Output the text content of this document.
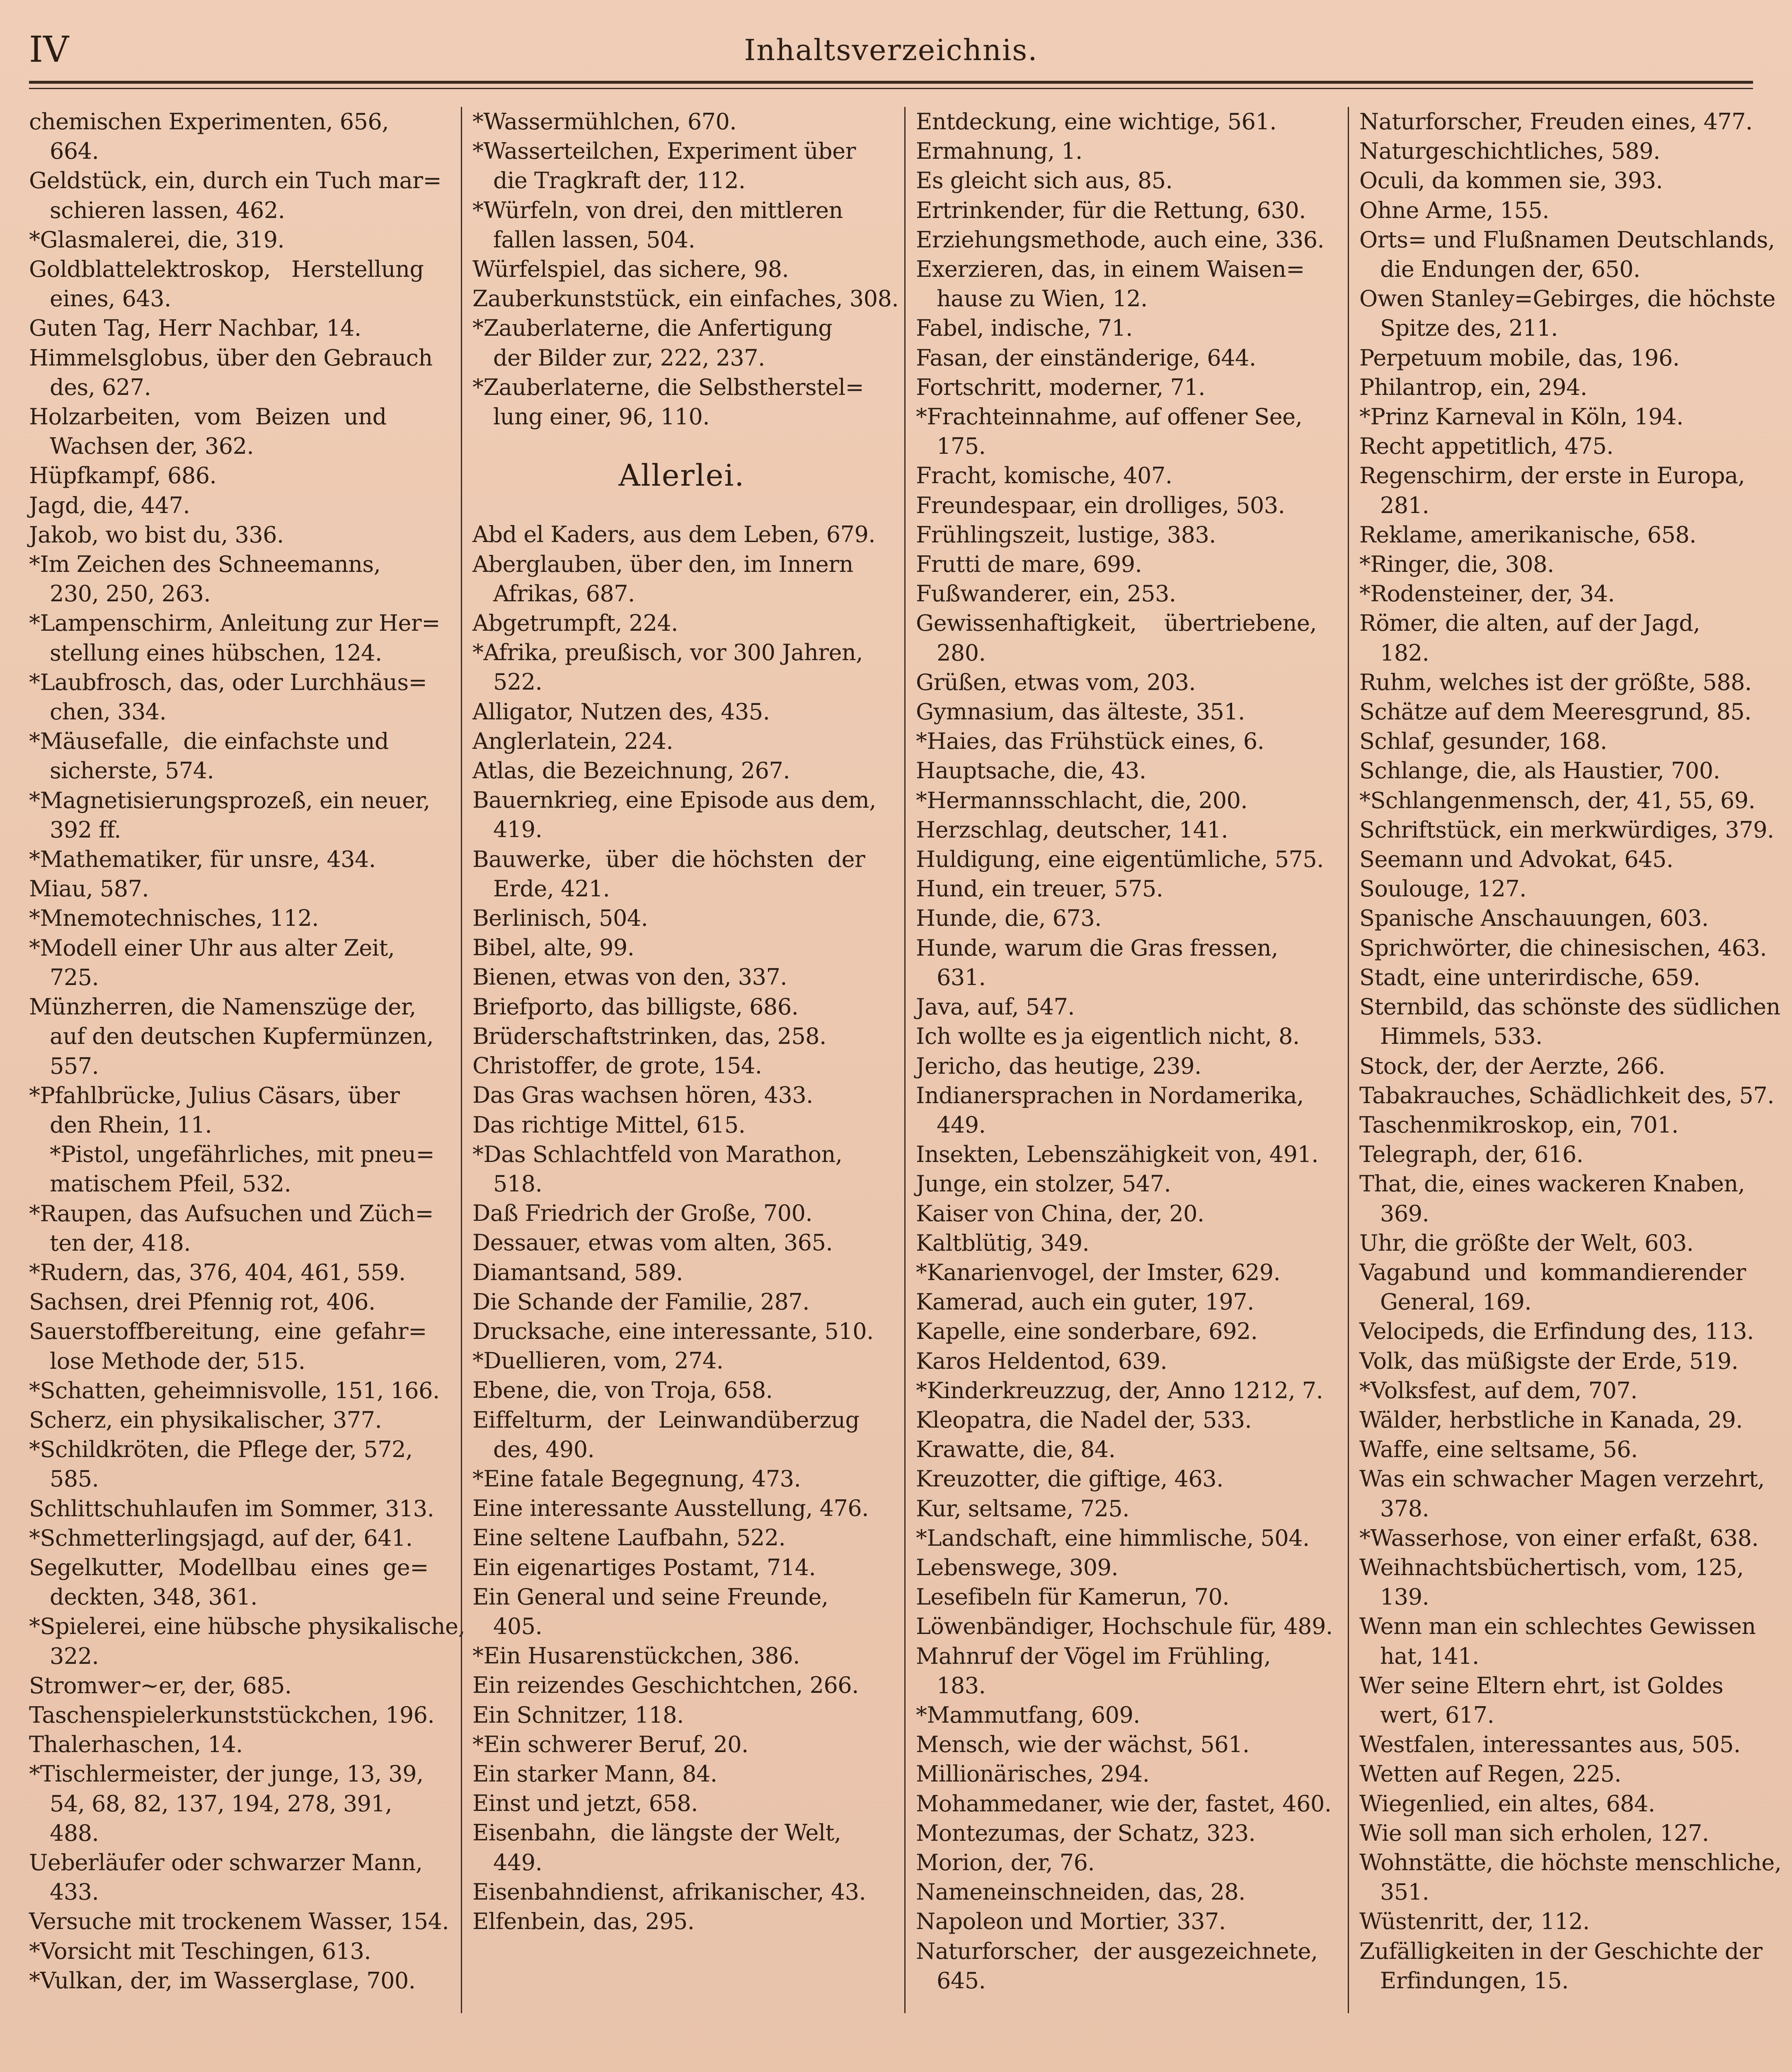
IV	Inhaltsverzeichnis.
chemischen Experimenten, 656,
664.
Geldstück, ein, durch ein Tuch mar=
schieren lassen, 462.
*Glasmalerei, die, 319.
Goldblattelektroskop,   Herstellung
eines, 643.
Guten Tag, Herr Nachbar, 14.
Himmelsglobus, über den Gebrauch
des, 627.
Holzarbeiten,  vom  Beizen  und
Wachsen der, 362.
Hüpfkampf, 686.
Jagd, die, 447.
Jakob, wo bist du, 336.
*Im Zeichen des Schneemanns,
230, 250, 263.
*Lampenschirm, Anleitung zur Her=
stellung eines hübschen, 124.
*Laubfrosch, das, oder Lurchhäus=
chen, 334.
*Mäusefalle,  die einfachste und
sicherste, 574.
*Magnetisierungsprozeß, ein neuer,
392 ff.
*Mathematiker, für unsre, 434.
Miau, 587.
*Mnemotechnisches, 112.
*Modell einer Uhr aus alter Zeit,
725.
Münzherren, die Namenszüge der,
auf den deutschen Kupfermünzen,
557.
*Pfahlbrücke, Julius Cäsars, über
den Rhein, 11.
*Pistol, ungefährliches, mit pneu=
matischem Pfeil, 532.
*Raupen, das Aufsuchen und Züch=
ten der, 418.
*Rudern, das, 376, 404, 461, 559.
Sachsen, drei Pfennig rot, 406.
Sauerstoffbereitung,  eine  gefahr=
lose Methode der, 515.
*Schatten, geheimnisvolle, 151, 166.
Scherz, ein physikalischer, 377.
*Schildkröten, die Pflege der, 572,
585.
Schlittschuhlaufen im Sommer, 313.
*Schmetterlingsjagd, auf der, 641.
Segelkutter,  Modellbau  eines  ge=
deckten, 348, 361.
*Spielerei, eine hübsche physikalische,
322.
Stromwer~er, der, 685.
Taschenspielerkunststückchen, 196.
Thalerhaschen, 14.
*Tischlermeister, der junge, 13, 39,
54, 68, 82, 137, 194, 278, 391,
488.
Ueberläufer oder schwarzer Mann,
433.
Versuche mit trockenem Wasser, 154.
*Vorsicht mit Teschingen, 613.
*Vulkan, der, im Wasserglase, 700.
*Wassermühlchen, 670.
*Wasserteilchen, Experiment über
die Tragkraft der, 112.
*Würfeln, von drei, den mittleren
fallen lassen, 504.
Würfelspiel, das sichere, 98.
Zauberkunststück, ein einfaches, 308.
*Zauberlaterne, die Anfertigung
der Bilder zur, 222, 237.
*Zauberlaterne, die Selbstherstel=
lung einer, 96, 110.
Allerlei.
Abd el Kaders, aus dem Leben, 679.
Aberglauben, über den, im Innern
Afrikas, 687.
Abgetrumpft, 224.
*Afrika, preußisch, vor 300 Jahren,
522.
Alligator, Nutzen des, 435.
Anglerlatein, 224.
Atlas, die Bezeichnung, 267.
Bauernkrieg, eine Episode aus dem,
419.
Bauwerke,  über  die höchsten  der
Erde, 421.
Berlinisch, 504.
Bibel, alte, 99.
Bienen, etwas von den, 337.
Briefporto, das billigste, 686.
Brüderschaftstrinken, das, 258.
Christoffer, de grote, 154.
Das Gras wachsen hören, 433.
Das richtige Mittel, 615.
*Das Schlachtfeld von Marathon,
518.
Daß Friedrich der Große, 700.
Dessauer, etwas vom alten, 365.
Diamantsand, 589.
Die Schande der Familie, 287.
Drucksache, eine interessante, 510.
*Duellieren, vom, 274.
Ebene, die, von Troja, 658.
Eiffelturm,  der  Leinwandüberzug
des, 490.
*Eine fatale Begegnung, 473.
Eine interessante Ausstellung, 476.
Eine seltene Laufbahn, 522.
Ein eigenartiges Postamt, 714.
Ein General und seine Freunde,
405.
*Ein Husarenstückchen, 386.
Ein reizendes Geschichtchen, 266.
Ein Schnitzer, 118.
*Ein schwerer Beruf, 20.
Ein starker Mann, 84.
Einst und jetzt, 658.
Eisenbahn,  die längste der Welt,
449.
Eisenbahndienst, afrikanischer, 43.
Elfenbein, das, 295.
Entdeckung, eine wichtige, 561.
Ermahnung, 1.
Es gleicht sich aus, 85.
Ertrinkender, für die Rettung, 630.
Erziehungsmethode, auch eine, 336.
Exerzieren, das, in einem Waisen=
hause zu Wien, 12.
Fabel, indische, 71.
Fasan, der einständerige, 644.
Fortschritt, moderner, 71.
*Frachteinnahme, auf offener See,
175.
Fracht, komische, 407.
Freundespaar, ein drolliges, 503.
Frühlingszeit, lustige, 383.
Frutti de mare, 699.
Fußwanderer, ein, 253.
Gewissenhaftigkeit,    übertriebene,
280.
Grüßen, etwas vom, 203.
Gymnasium, das älteste, 351.
*Haies, das Frühstück eines, 6.
Hauptsache, die, 43.
*Hermannsschlacht, die, 200.
Herzschlag, deutscher, 141.
Huldigung, eine eigentümliche, 575.
Hund, ein treuer, 575.
Hunde, die, 673.
Hunde, warum die Gras fressen,
631.
Java, auf, 547.
Ich wollte es ja eigentlich nicht, 8.
Jericho, das heutige, 239.
Indianersprachen in Nordamerika,
449.
Insekten, Lebenszähigkeit von, 491.
Junge, ein stolzer, 547.
Kaiser von China, der, 20.
Kaltblütig, 349.
*Kanarienvogel, der Imster, 629.
Kamerad, auch ein guter, 197.
Kapelle, eine sonderbare, 692.
Karos Heldentod, 639.
*Kinderkreuzzug, der, Anno 1212, 7.
Kleopatra, die Nadel der, 533.
Krawatte, die, 84.
Kreuzotter, die giftige, 463.
Kur, seltsame, 725.
*Landschaft, eine himmlische, 504.
Lebenswege, 309.
Lesefibeln für Kamerun, 70.
Löwenbändiger, Hochschule für, 489.
Mahnruf der Vögel im Frühling,
183.
*Mammutfang, 609.
Mensch, wie der wächst, 561.
Millionärisches, 294.
Mohammedaner, wie der, fastet, 460.
Montezumas, der Schatz, 323.
Morion, der, 76.
Nameneinschneiden, das, 28.
Napoleon und Mortier, 337.
Naturforscher,  der ausgezeichnete,
645.
Naturforscher, Freuden eines, 477.
Naturgeschichtliches, 589.
Oculi, da kommen sie, 393.
Ohne Arme, 155.
Orts= und Flußnamen Deutschlands,
die Endungen der, 650.
Owen Stanley=Gebirges, die höchste
Spitze des, 211.
Perpetuum mobile, das, 196.
Philantrop, ein, 294.
*Prinz Karneval in Köln, 194.
Recht appetitlich, 475.
Regenschirm, der erste in Europa,
281.
Reklame, amerikanische, 658.
*Ringer, die, 308.
*Rodensteiner, der, 34.
Römer, die alten, auf der Jagd,
182.
Ruhm, welches ist der größte, 588.
Schätze auf dem Meeresgrund, 85.
Schlaf, gesunder, 168.
Schlange, die, als Haustier, 700.
*Schlangenmensch, der, 41, 55, 69.
Schriftstück, ein merkwürdiges, 379.
Seemann und Advokat, 645.
Soulouge, 127.
Spanische Anschauungen, 603.
Sprichwörter, die chinesischen, 463.
Stadt, eine unterirdische, 659.
Sternbild, das schönste des südlichen
Himmels, 533.
Stock, der, der Aerzte, 266.
Tabakrauches, Schädlichkeit des, 57.
Taschenmikroskop, ein, 701.
Telegraph, der, 616.
That, die, eines wackeren Knaben,
369.
Uhr, die größte der Welt, 603.
Vagabund  und  kommandierender
General, 169.
Velocipeds, die Erfindung des, 113.
Volk, das müßigste der Erde, 519.
*Volksfest, auf dem, 707.
Wälder, herbstliche in Kanada, 29.
Waffe, eine seltsame, 56.
Was ein schwacher Magen verzehrt,
378.
*Wasserhose, von einer erfaßt, 638.
Weihnachtsbüchertisch, vom, 125,
139.
Wenn man ein schlechtes Gewissen
hat, 141.
Wer seine Eltern ehrt, ist Goldes
wert, 617.
Westfalen, interessantes aus, 505.
Wetten auf Regen, 225.
Wiegenlied, ein altes, 684.
Wie soll man sich erholen, 127.
Wohnstätte, die höchste menschliche,
351.
Wüstenritt, der, 112.
Zufälligkeiten in der Geschichte der
Erfindungen, 15.
